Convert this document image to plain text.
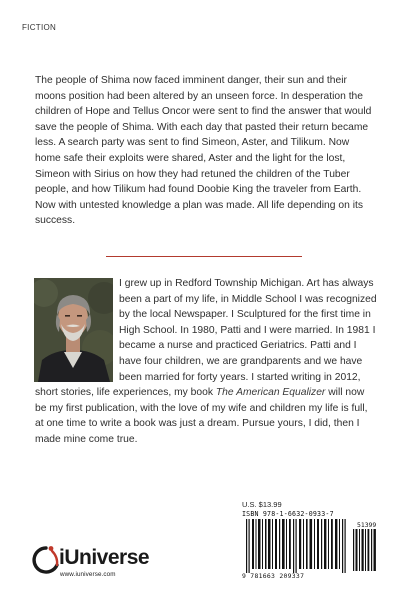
FICTION

The people of Shima now faced imminent danger, their sun and their moons position had been altered by an unseen force. In desperation the children of Hope and Tellus Oncor were sent to find the answer that would save the people of Shima. With each day that pasted their return became less. A search party was sent to find Simeon, Aster, and Tilikum. Now home safe their exploits were shared, Aster and the light for the lost, Simeon with Sirius on how they had retuned the children of the Tuber people, and how Tilikum had found Doobie King the traveler from Earth. Now with untested knowledge a plan was made. All life depending on its success.

I grew up in Redford Township Michigan. Art has always been a part of my life, in Middle School I was recognized by the local Newspaper. I Sculptured for the first time in High School. In 1980, Patti and I were married. In 1981 I became a nurse and practiced Geriatrics. Patti and I have four children, we are grandparents and we have been married for forty years. I started writing in 2012, short stories, life experiences, my book The American Equalizer will now be my first publication, with the love of my wife and children my life is full, at one time to write a book was just a dream. Pursue yours, I did, then I made mine come true.

U.S. $13.99
ISBN 978-1-6632-0933-7
51399
9 781663 209337
iUniverse
www.iuniverse.com
